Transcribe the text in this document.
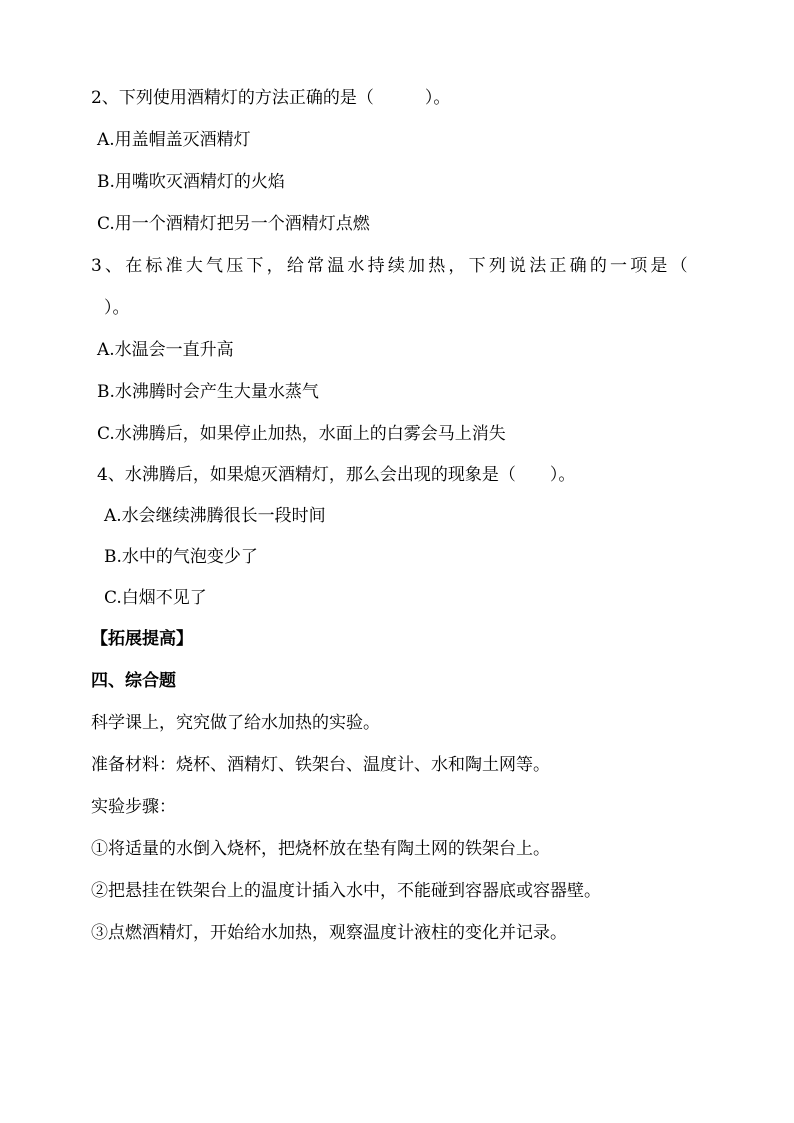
2、下列使用酒精灯的方法正确的是（　　　）。
A.用盖帽盖灭酒精灯
B.用嘴吹灭酒精灯的火焰
C.用一个酒精灯把另一个酒精灯点燃
3、在标准大气压下，给常温水持续加热，下列说法正确的一项是（
）。
A.水温会一直升高
B.水沸腾时会产生大量水蒸气
C.水沸腾后，如果停止加热，水面上的白雾会马上消失
4、水沸腾后，如果熄灭酒精灯，那么会出现的现象是（　　）。
A.水会继续沸腾很长一段时间
B.水中的气泡变少了
C.白烟不见了
【拓展提高】
四、综合题
科学课上，究究做了给水加热的实验。
准备材料：烧杯、酒精灯、铁架台、温度计、水和陶土网等。
实验步骤：
①将适量的水倒入烧杯，把烧杯放在垫有陶土网的铁架台上。
②把悬挂在铁架台上的温度计插入水中，不能碰到容器底或容器壁。
③点燃酒精灯，开始给水加热，观察温度计液柱的变化并记录。
